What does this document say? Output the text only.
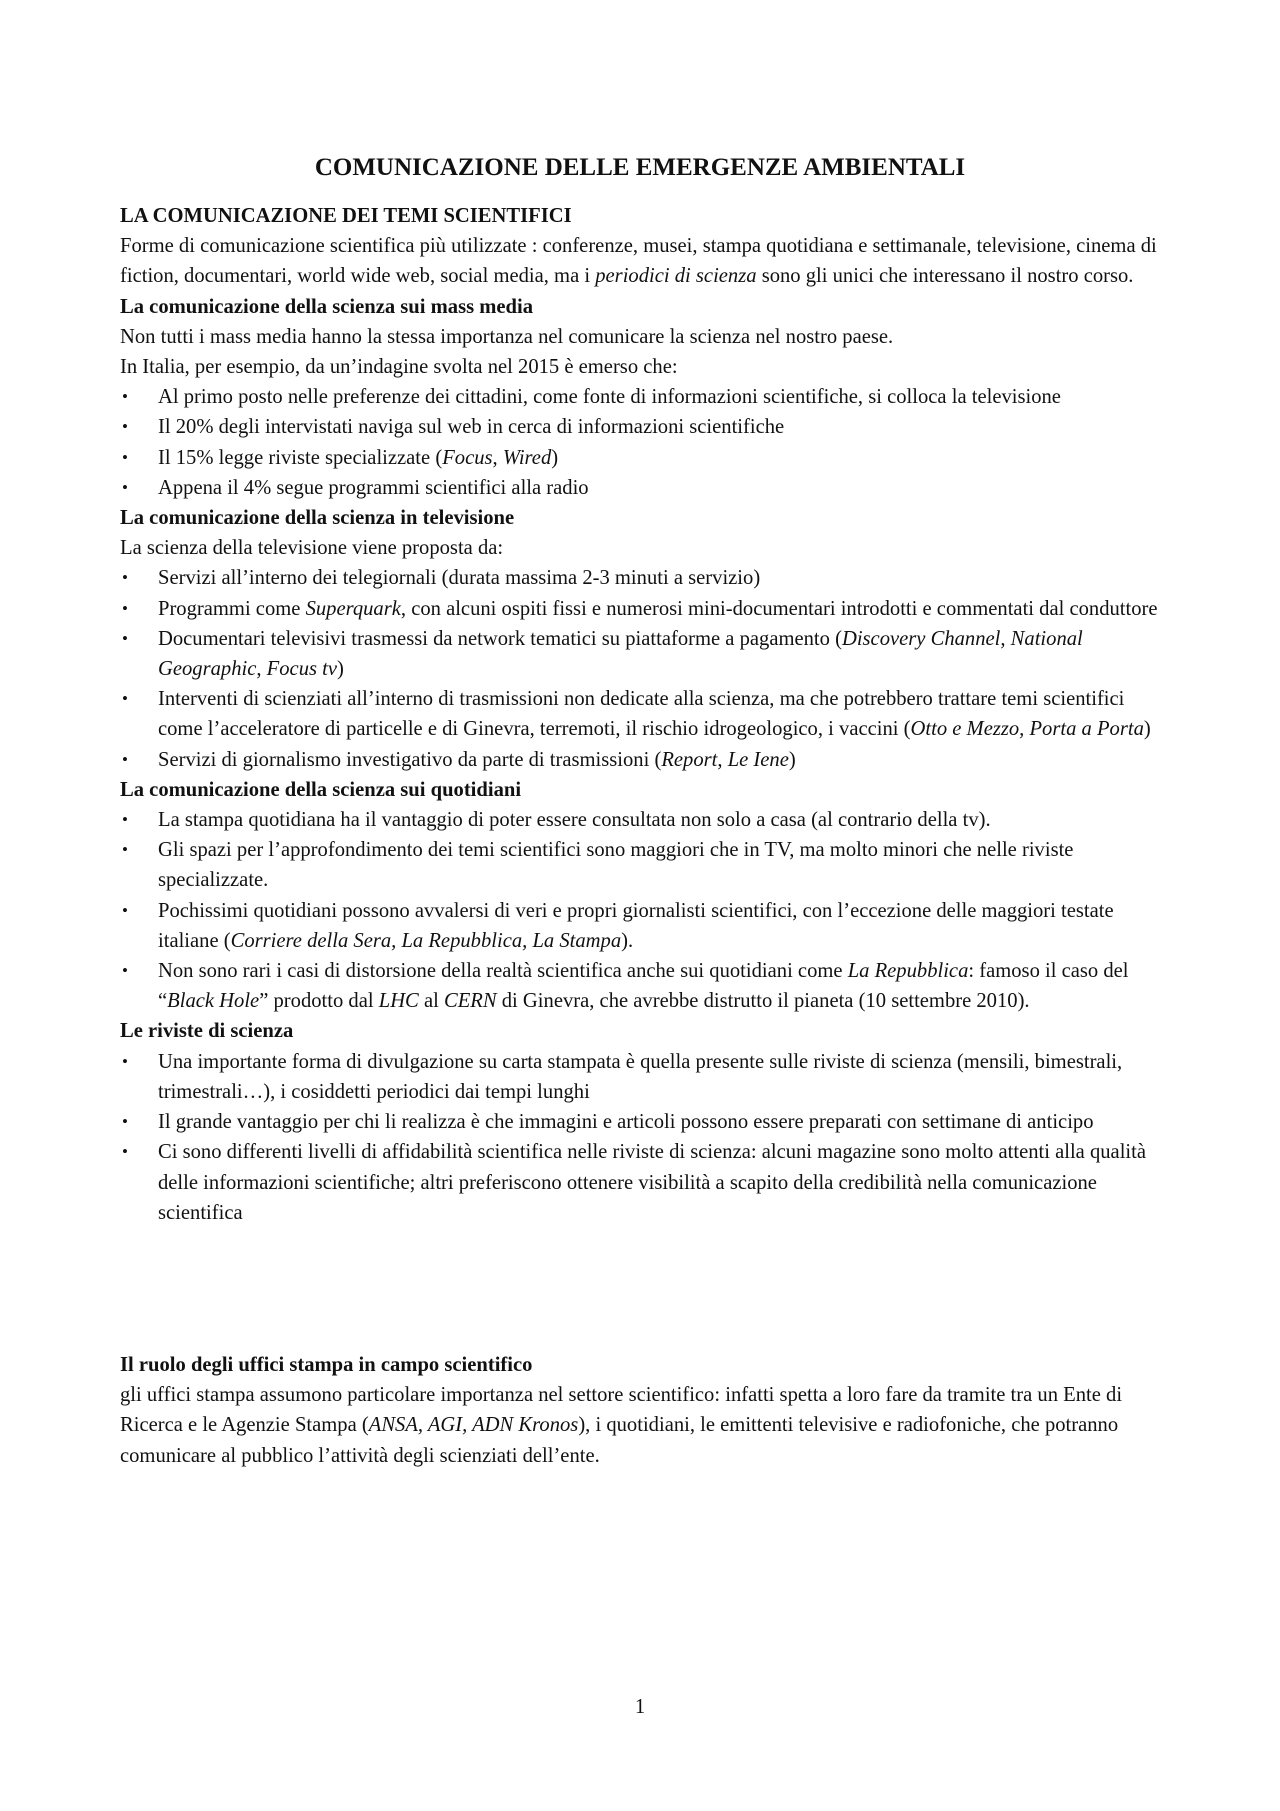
COMUNICAZIONE DELLE EMERGENZE AMBIENTALI
LA COMUNICAZIONE DEI TEMI SCIENTIFICI
Forme di comunicazione scientifica più utilizzate : conferenze, musei, stampa quotidiana e settimanale, televisione, cinema di fiction, documentari, world wide web, social media, ma i periodici di scienza sono gli unici che interessano il nostro corso.
La comunicazione della scienza sui mass media
Non tutti i mass media hanno la stessa importanza nel comunicare la scienza nel nostro paese.
In Italia, per esempio, da un’indagine svolta nel 2015 è emerso che:
• Al primo posto nelle preferenze dei cittadini, come fonte di informazioni scientifiche, si colloca la televisione
• Il 20% degli intervistati naviga sul web in cerca di informazioni scientifiche
• Il 15% legge riviste specializzate (Focus, Wired)
• Appena il 4% segue programmi scientifici alla radio
La comunicazione della scienza in televisione
La scienza della televisione viene proposta da:
• Servizi all’interno dei telegiornali (durata massima 2-3 minuti a servizio)
• Programmi come Superquark, con alcuni ospiti fissi e numerosi mini-documentari introdotti e commentati dal conduttore
• Documentari televisivi trasmessi da network tematici su piattaforme a pagamento (Discovery Channel, National Geographic, Focus tv)
• Interventi di scienziati all’interno di trasmissioni non dedicate alla scienza, ma che potrebbero trattare temi scientifici come l’acceleratore di particelle e di Ginevra, terremoti, il rischio idrogeologico, i vaccini (Otto e Mezzo, Porta a Porta)
• Servizi di giornalismo investigativo da parte di trasmissioni (Report, Le Iene)
La comunicazione della scienza sui quotidiani
• La stampa quotidiana ha il vantaggio di poter essere consultata non solo a casa (al contrario della tv).
• Gli spazi per l’approfondimento dei temi scientifici sono maggiori che in TV, ma molto minori che nelle riviste specializzate.
• Pochissimi quotidiani possono avvalersi di veri e propri giornalisti scientifici, con l’eccezione delle maggiori testate italiane (Corriere della Sera, La Repubblica, La Stampa).
• Non sono rari i casi di distorsione della realtà scientifica anche sui quotidiani come La Repubblica: famoso il caso del “Black Hole” prodotto dal LHC al CERN di Ginevra, che avrebbe distrutto il pianeta (10 settembre 2010).
Le riviste di scienza
• Una importante forma di divulgazione su carta stampata è quella presente sulle riviste di scienza (mensili, bimestrali, trimestrali…), i cosiddetti periodici dai tempi lunghi
• Il grande vantaggio per chi li realizza è che immagini e articoli possono essere preparati con settimane di anticipo
• Ci sono differenti livelli di affidabilità scientifica nelle riviste di scienza: alcuni magazine sono molto attenti alla qualità delle informazioni scientifiche; altri preferiscono ottenere visibilità a scapito della credibilità nella comunicazione scientifica
Il ruolo degli uffici stampa in campo scientifico
gli uffici stampa assumono particolare importanza nel settore scientifico: infatti spetta a loro fare da tramite tra un Ente di Ricerca e le Agenzie Stampa (ANSA, AGI, ADN Kronos), i quotidiani, le emittenti televisive e radiofoniche, che potranno comunicare al pubblico l’attività degli scienziati dell’ente.
1
